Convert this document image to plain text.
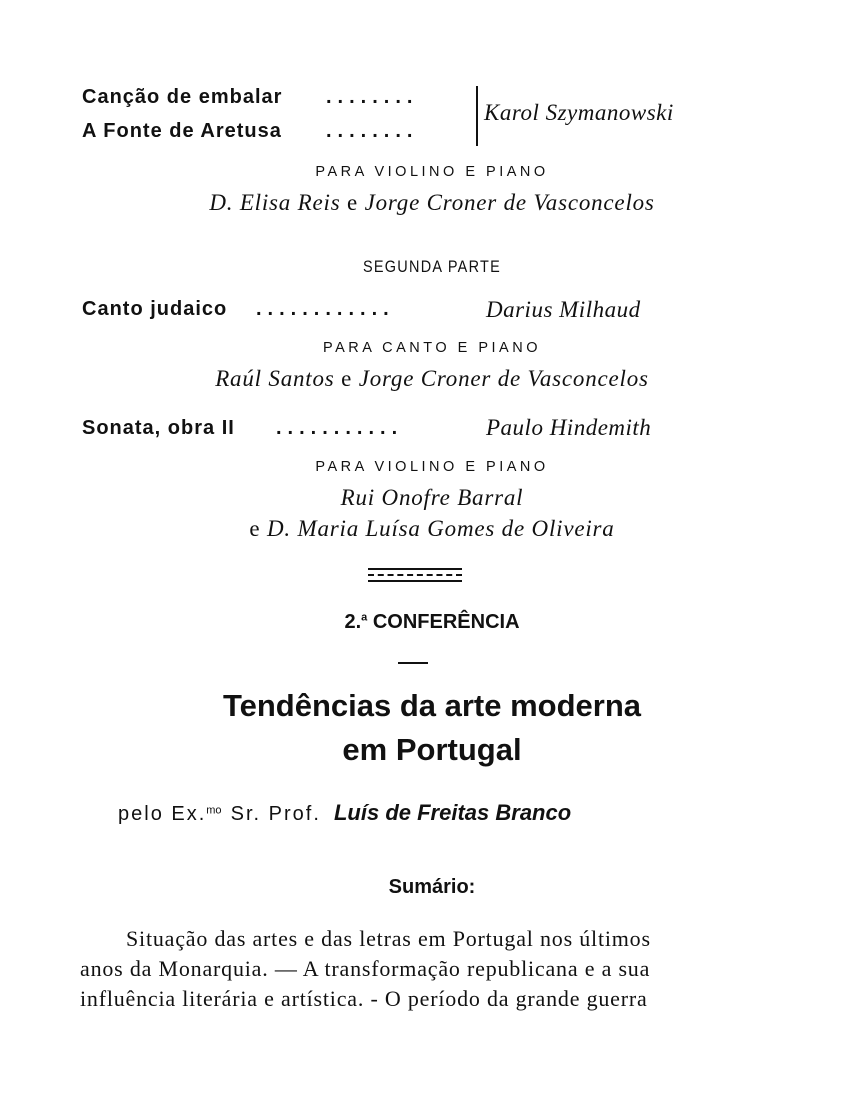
Canção de embalar ........
A Fonte de Aretusa ........
Karol Szymanowski
PARA VIOLINO E PIANO
D. Elisa Reis e Jorge Croner de Vasconcelos
SEGUNDA PARTE
Canto judaico ............	Darius Milhaud
PARA CANTO E PIANO
Raúl Santos e Jorge Croner de Vasconcelos
Sonata, obra II ...........	Paulo Hindemith
PARA VIOLINO E PIANO
Rui Onofre Barral
e D. Maria Luísa Gomes de Oliveira
2.$^a$ CONFERÊNCIA
Tendências da arte moderna
em Portugal
pelo Ex.$^{mo}$ Sr. Prof. Luís de Freitas Branco
Sumário:
Situação das artes e das letras em Portugal nos últimos
anos da Monarquia. — A transformação republicana e a sua
influência literária e artística. - O período da grande guerra
